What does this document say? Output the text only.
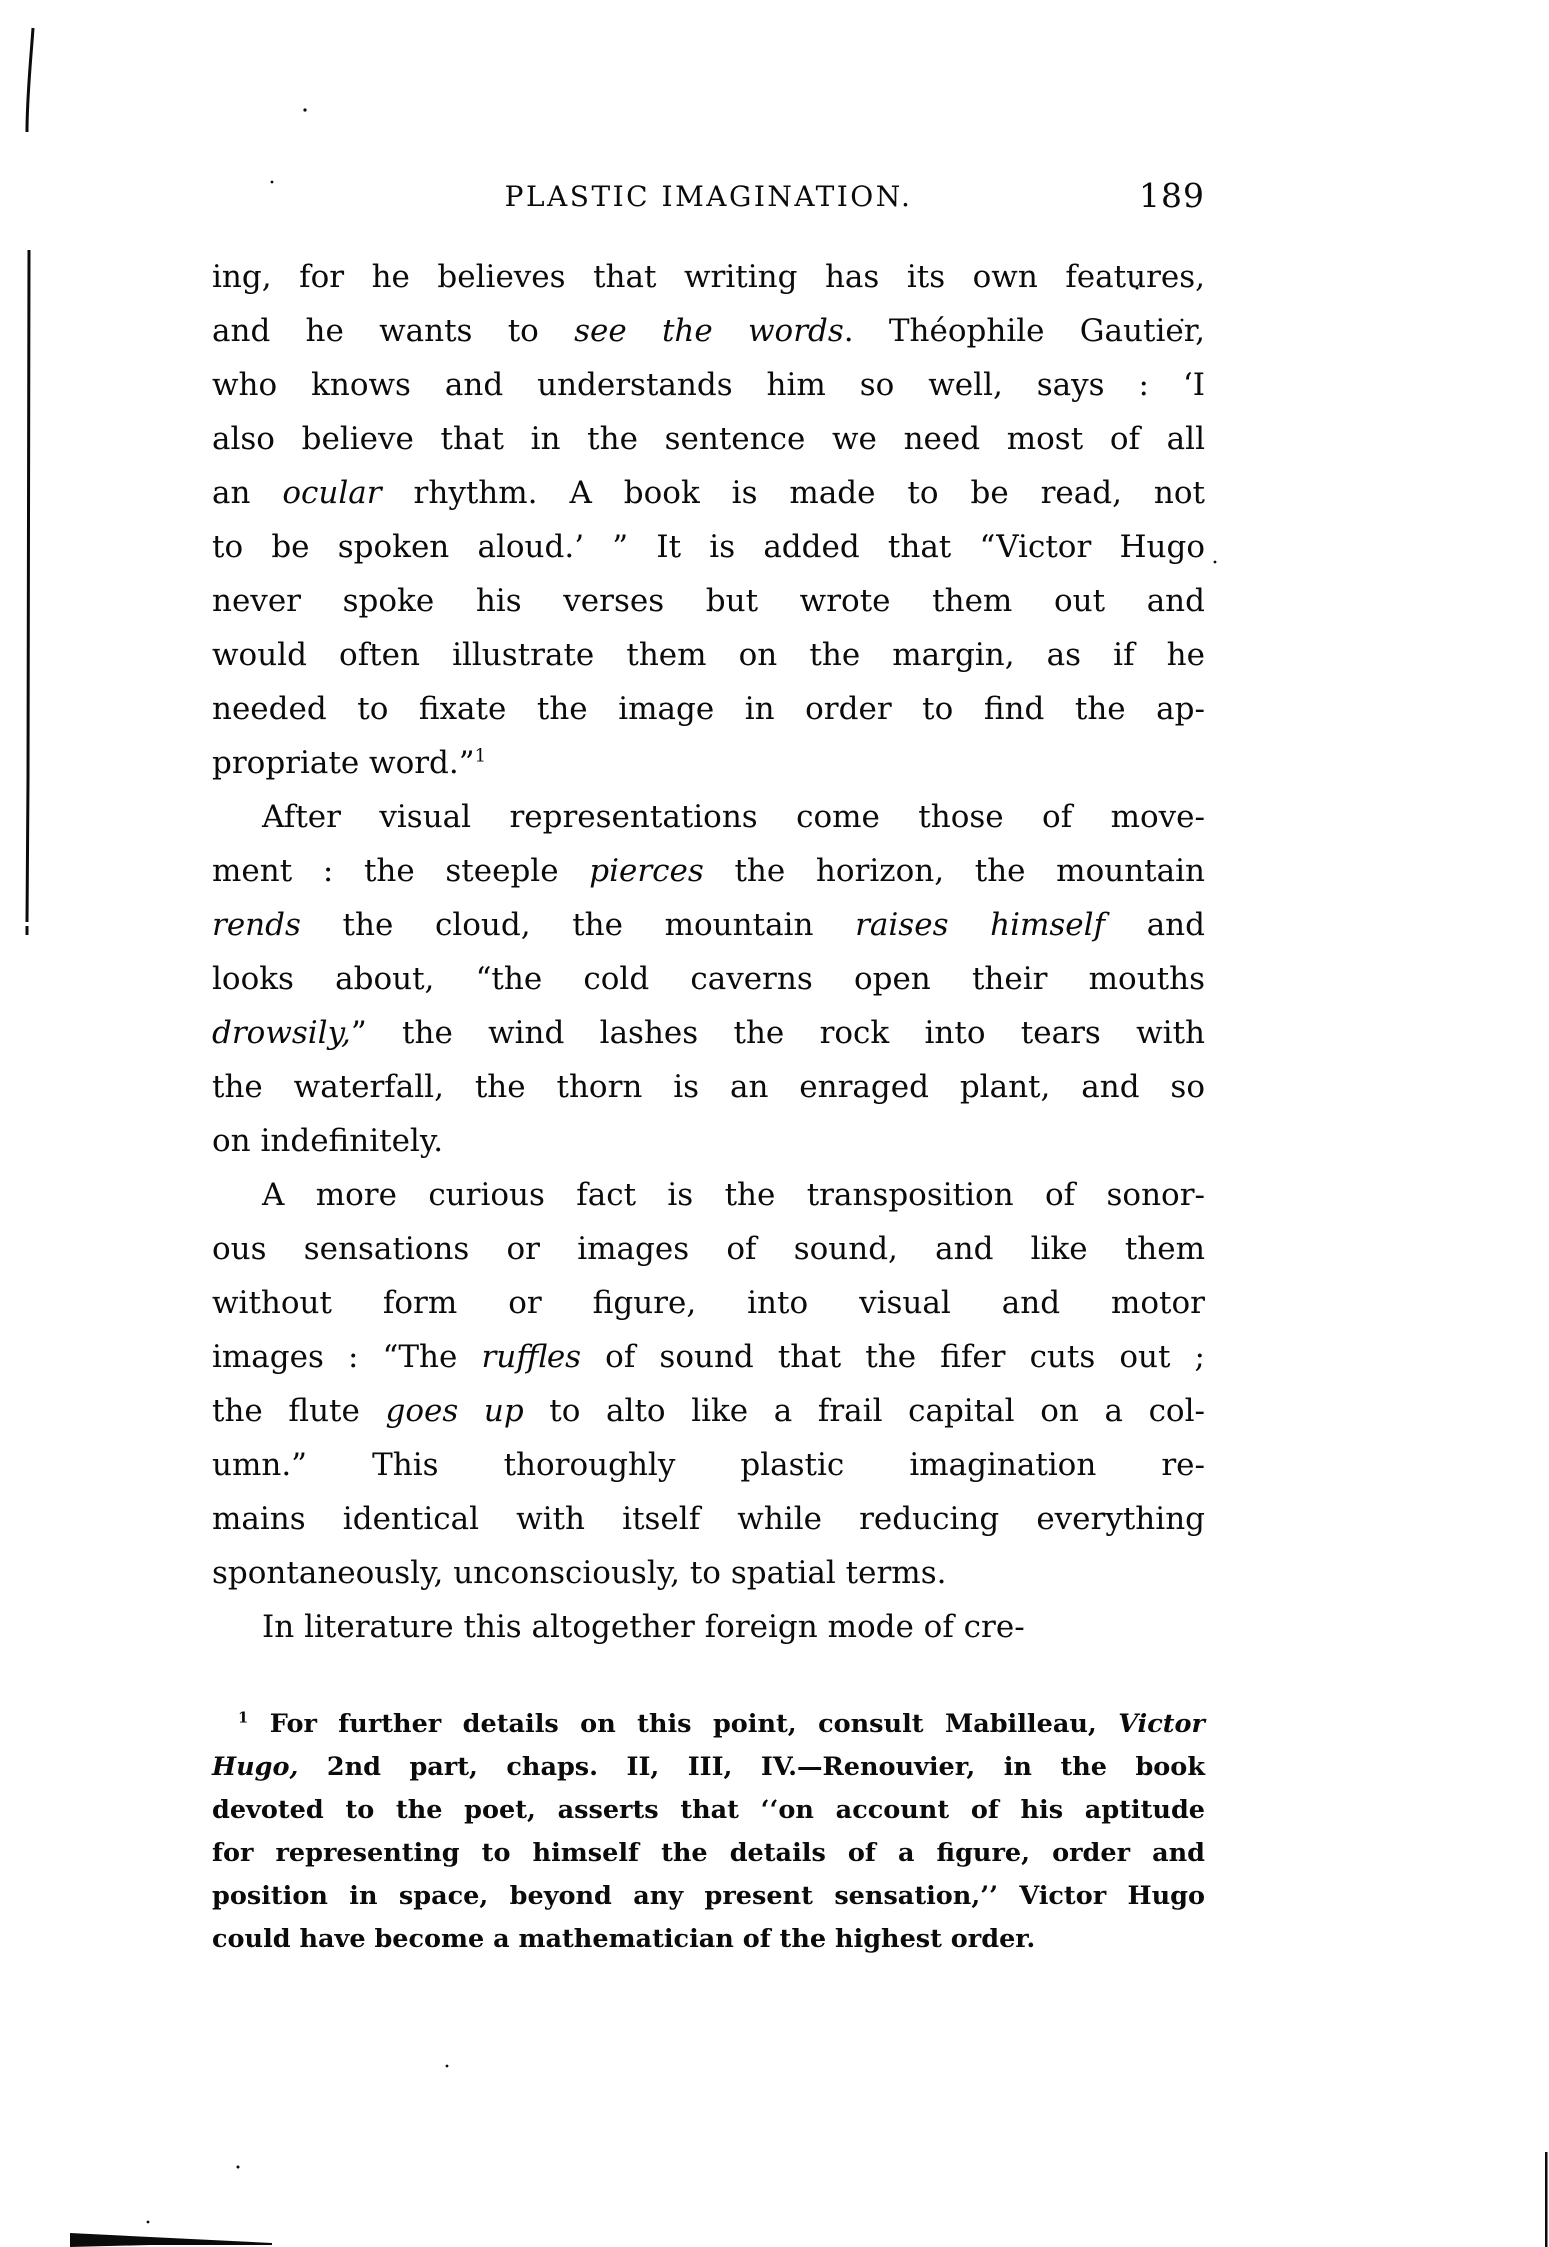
PLASTIC IMAGINATION.	189
ing, for he believes that writing has its own features,
and he wants to see the words. Théophile Gautier,
who knows and understands him so well, says : ‘I
also believe that in the sentence we need most of all
an ocular rhythm. A book is made to be read, not
to be spoken aloud.’ ” It is added that “Victor Hugo
never spoke his verses but wrote them out and
would often illustrate them on the margin, as if he
needed to fixate the image in order to find the ap-
propriate word.”$^1$
After visual representations come those of move-
ment : the steeple pierces the horizon, the mountain
rends the cloud, the mountain raises himself and
looks about, “the cold caverns open their mouths
drowsily,” the wind lashes the rock into tears with
the waterfall, the thorn is an enraged plant, and so
on indefinitely.
A more curious fact is the transposition of sonor-
ous sensations or images of sound, and like them
without form or figure, into visual and motor
images : “The ruffles of sound that the fifer cuts out ;
the flute goes up to alto like a frail capital on a col-
umn.” This thoroughly plastic imagination re-
mains identical with itself while reducing everything
spontaneously, unconsciously, to spatial terms.
In literature this altogether foreign mode of cre-
$^1$ For further details on this point, consult Mabilleau, Victor
Hugo, 2nd part, chaps. II, III, IV.—Renouvier, in the book
devoted to the poet, asserts that ‘‘on account of his aptitude
for representing to himself the details of a figure, order and
position in space, beyond any present sensation,’’ Victor Hugo
could have become a mathematician of the highest order.
